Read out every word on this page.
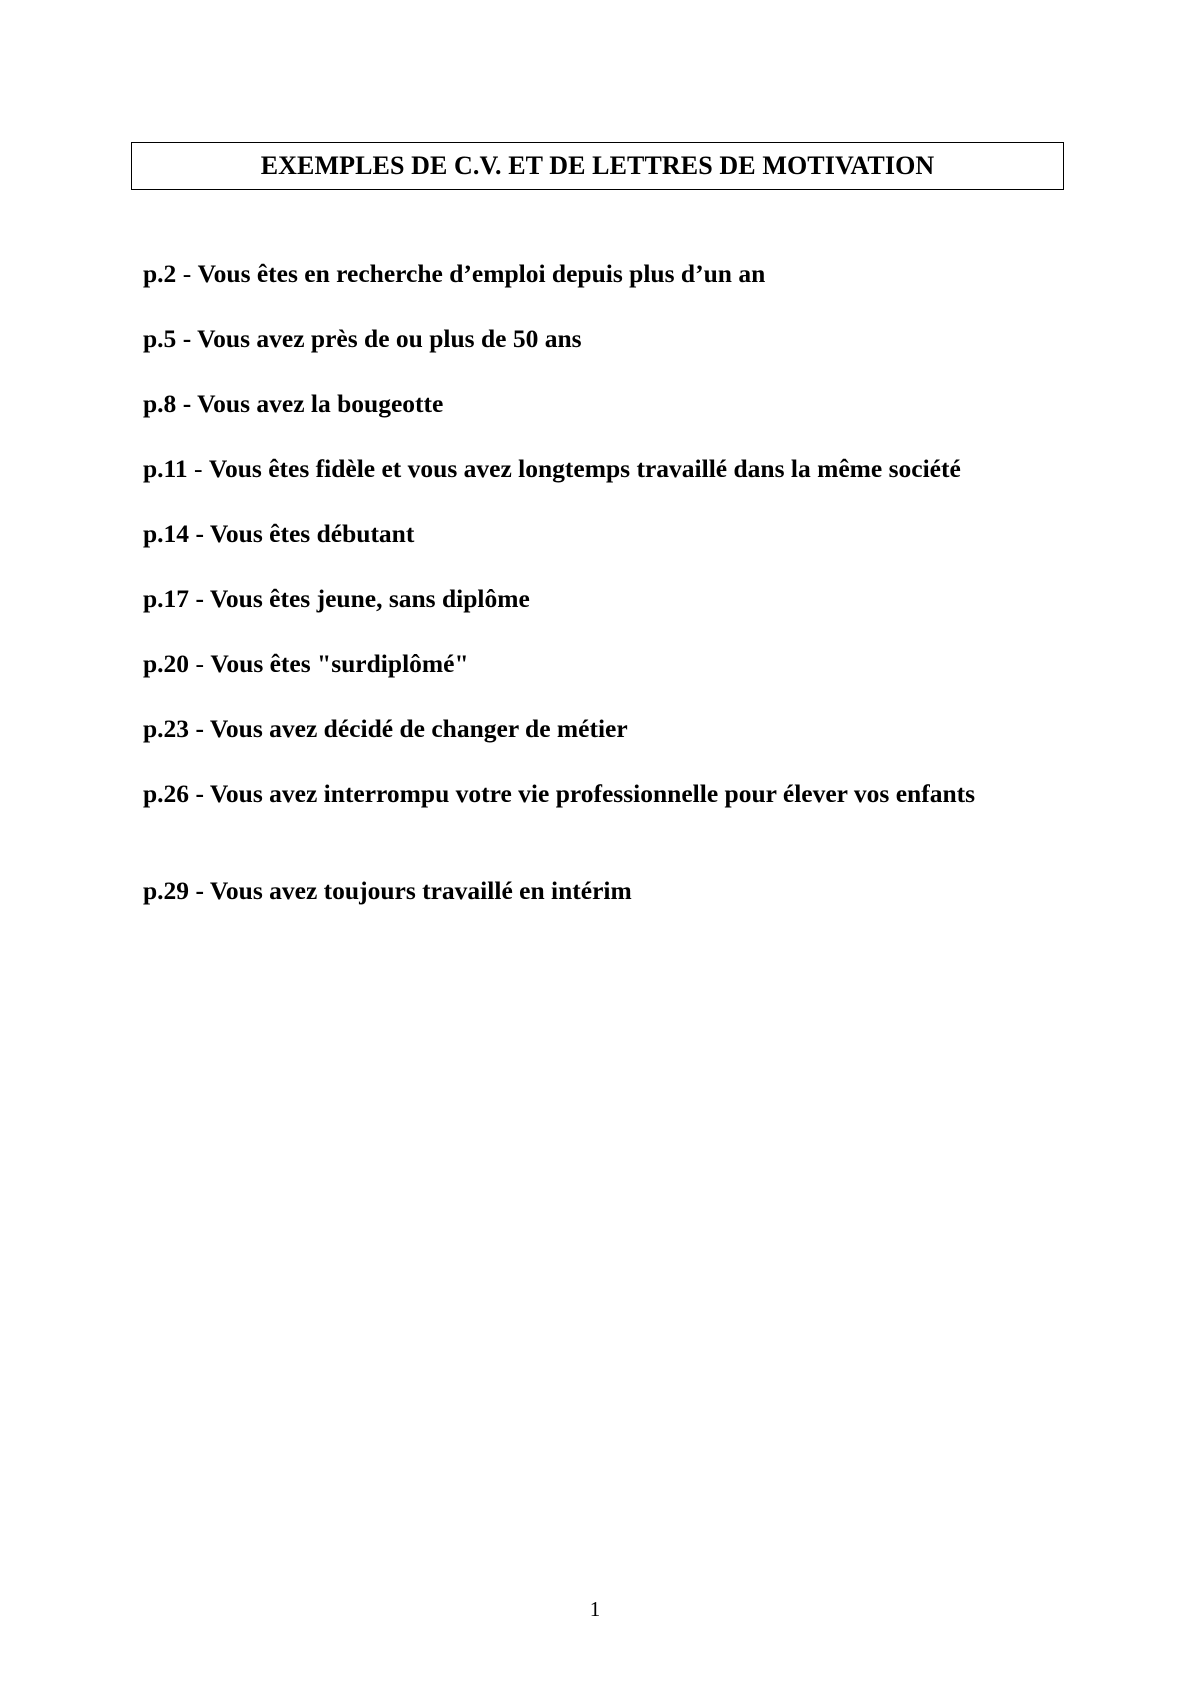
EXEMPLES DE C.V. ET DE LETTRES DE MOTIVATION
p.2 - Vous êtes en recherche d’emploi depuis plus d’un an
p.5 - Vous avez près de ou plus de 50 ans
p.8 - Vous avez la bougeotte
p.11 - Vous êtes fidèle et vous avez longtemps travaillé dans la même société
p.14 - Vous êtes débutant
p.17 - Vous êtes jeune, sans diplôme
p.20 - Vous êtes "surdiplômé"
p.23 - Vous avez décidé de changer de métier
p.26 - Vous avez interrompu votre vie professionnelle pour élever vos enfants
p.29 - Vous avez toujours travaillé en intérim
1
